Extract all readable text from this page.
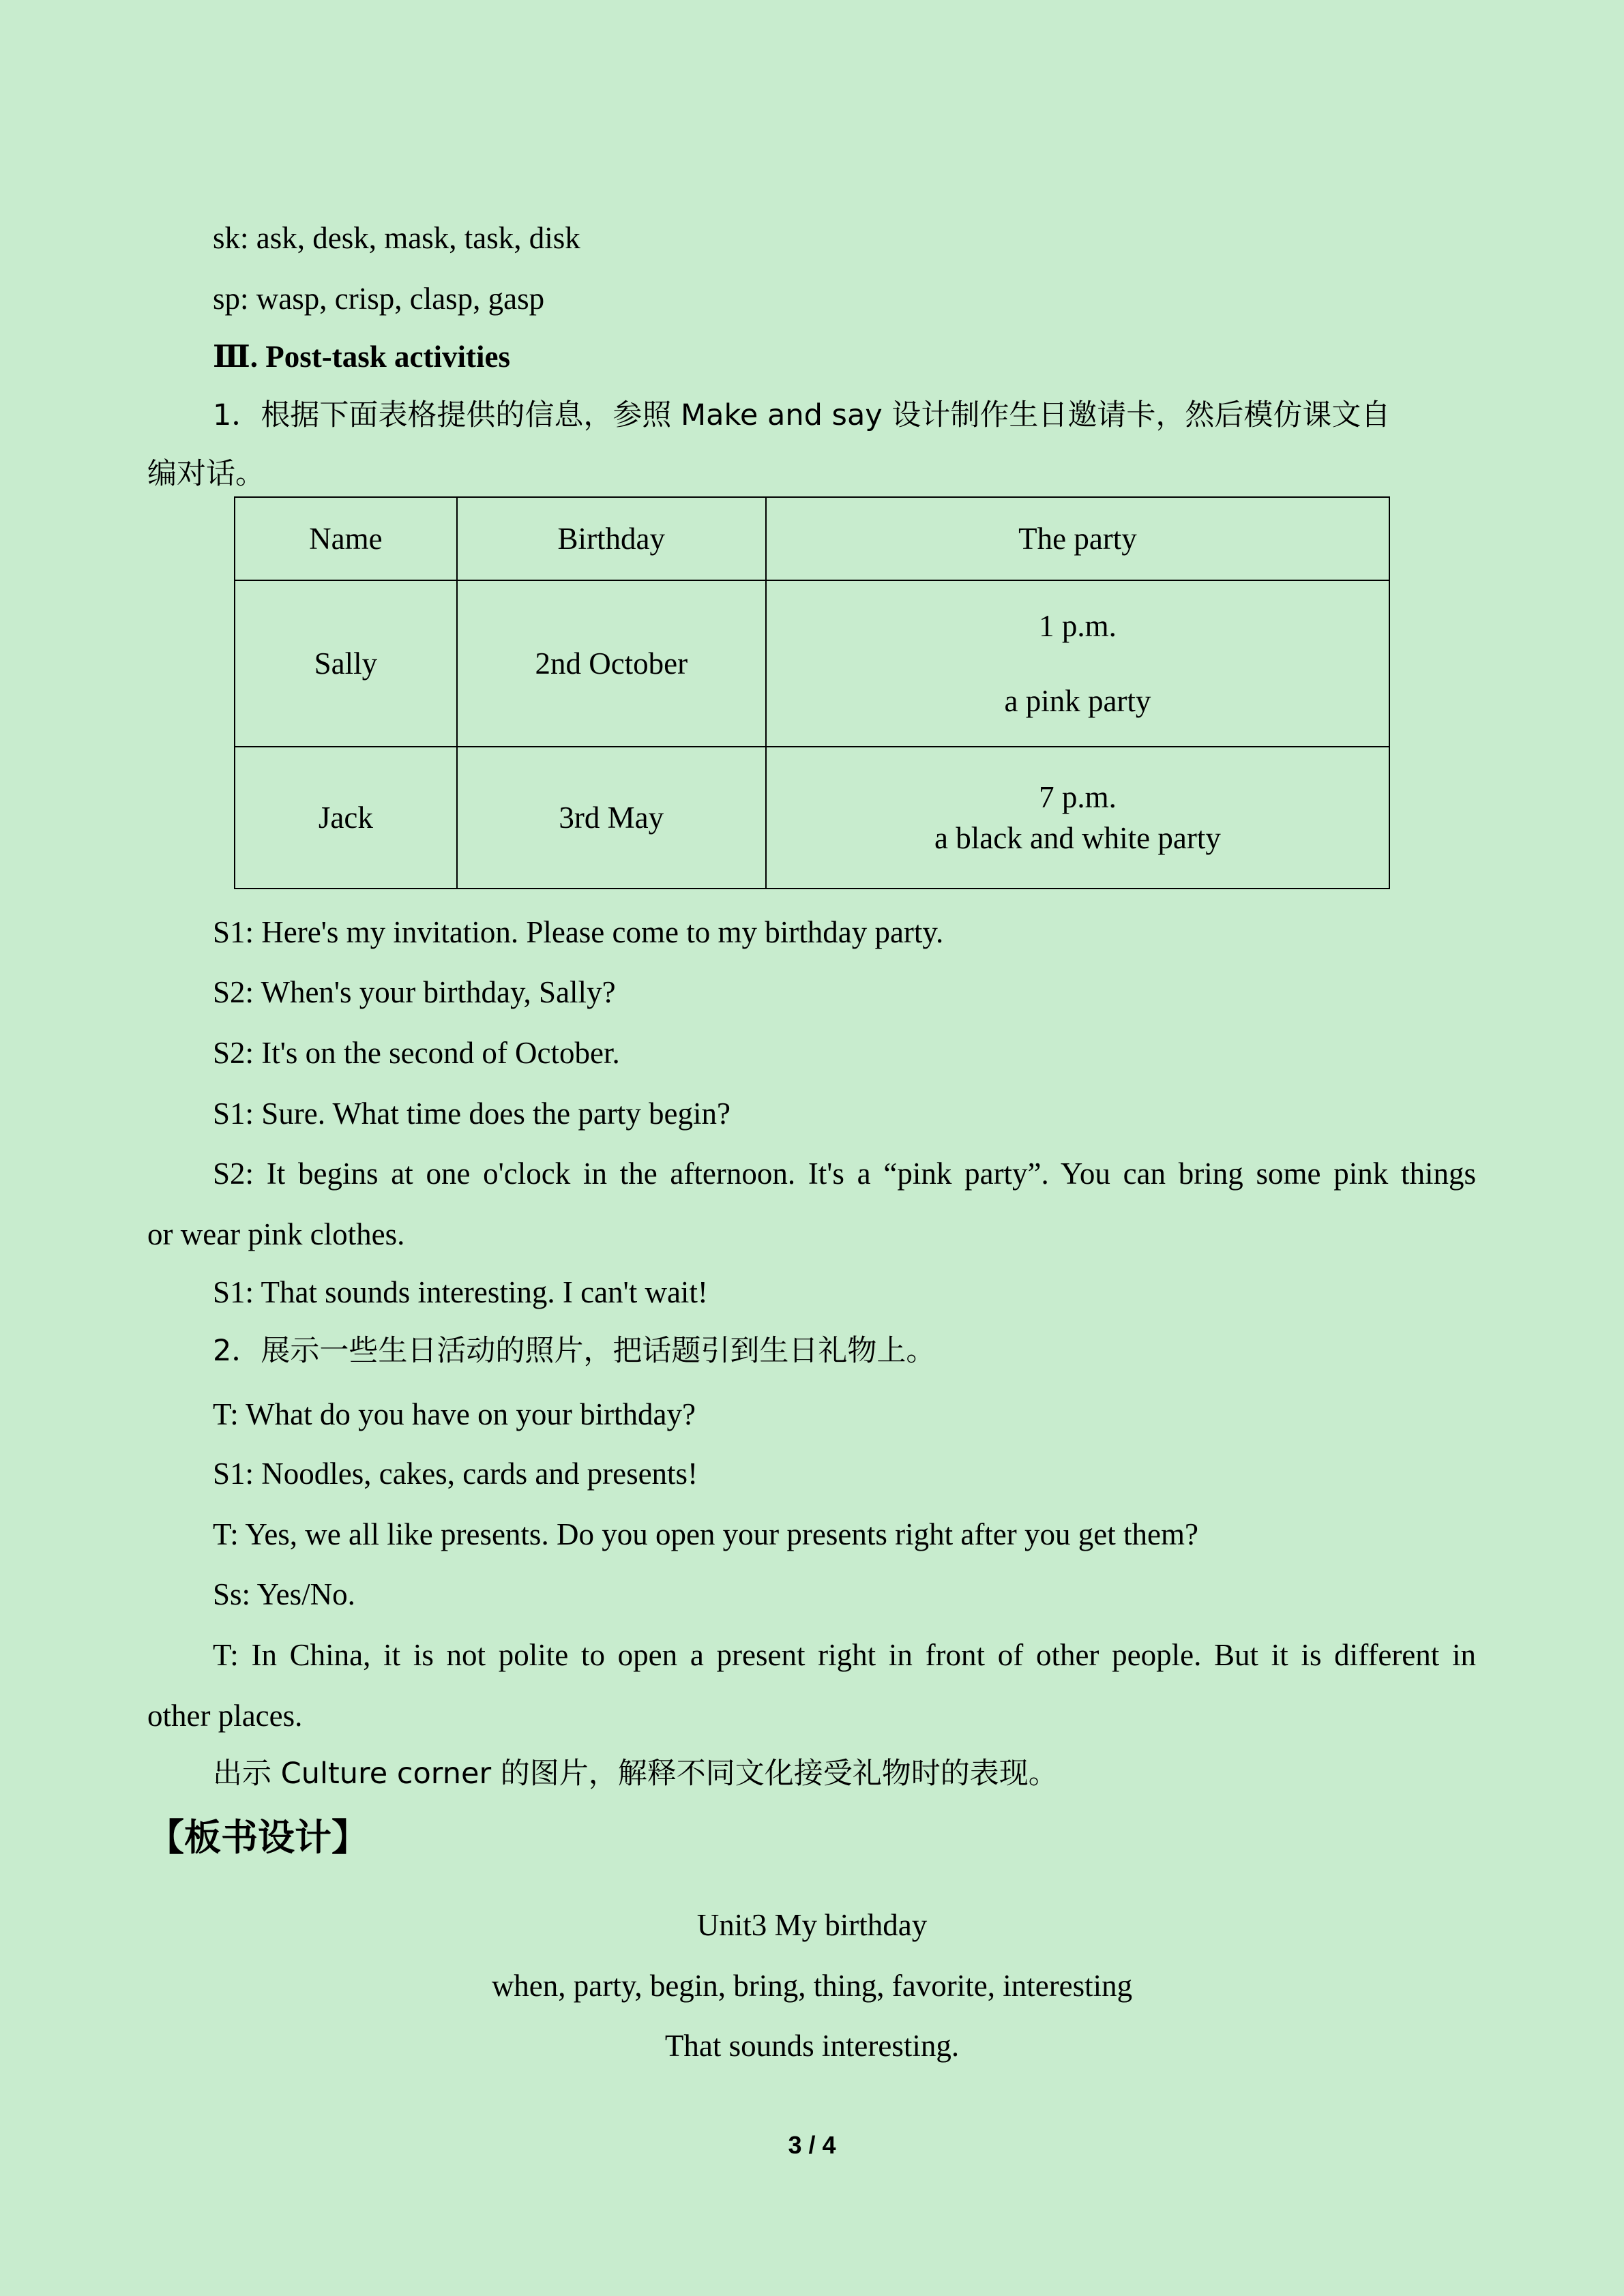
sk: ask, desk, mask, task, disk
sp: wasp, crisp, clasp, gasp
Ⅲ. Post-task activities
1．根据下面表格提供的信息，参照 Make and say 设计制作生日邀请卡，然后模仿课文自
编对话。
Name	Birthday	The party
Sally	2nd October	1 p.m.
a pink party
Jack	3rd May	7 p.m.
a black and white party
S1: Here's my invitation. Please come to my birthday party.
S2: When's your birthday, Sally?
S2: It's on the second of October.
S1: Sure. What time does the party begin?
S2: It begins at one o'clock in the afternoon. It's a “pink party”. You can bring some pink things
or wear pink clothes.
S1: That sounds interesting. I can't wait!
2．展示一些生日活动的照片，把话题引到生日礼物上。
T: What do you have on your birthday?
S1: Noodles, cakes, cards and presents!
T: Yes, we all like presents. Do you open your presents right after you get them?
Ss: Yes/No.
T: In China, it is not polite to open a present right in front of other people. But it is different in
other places.
出示 Culture corner 的图片，解释不同文化接受礼物时的表现。
【板书设计】
Unit3 My birthday
when, party, begin, bring, thing, favorite, interesting
That sounds interesting.
3 / 4
